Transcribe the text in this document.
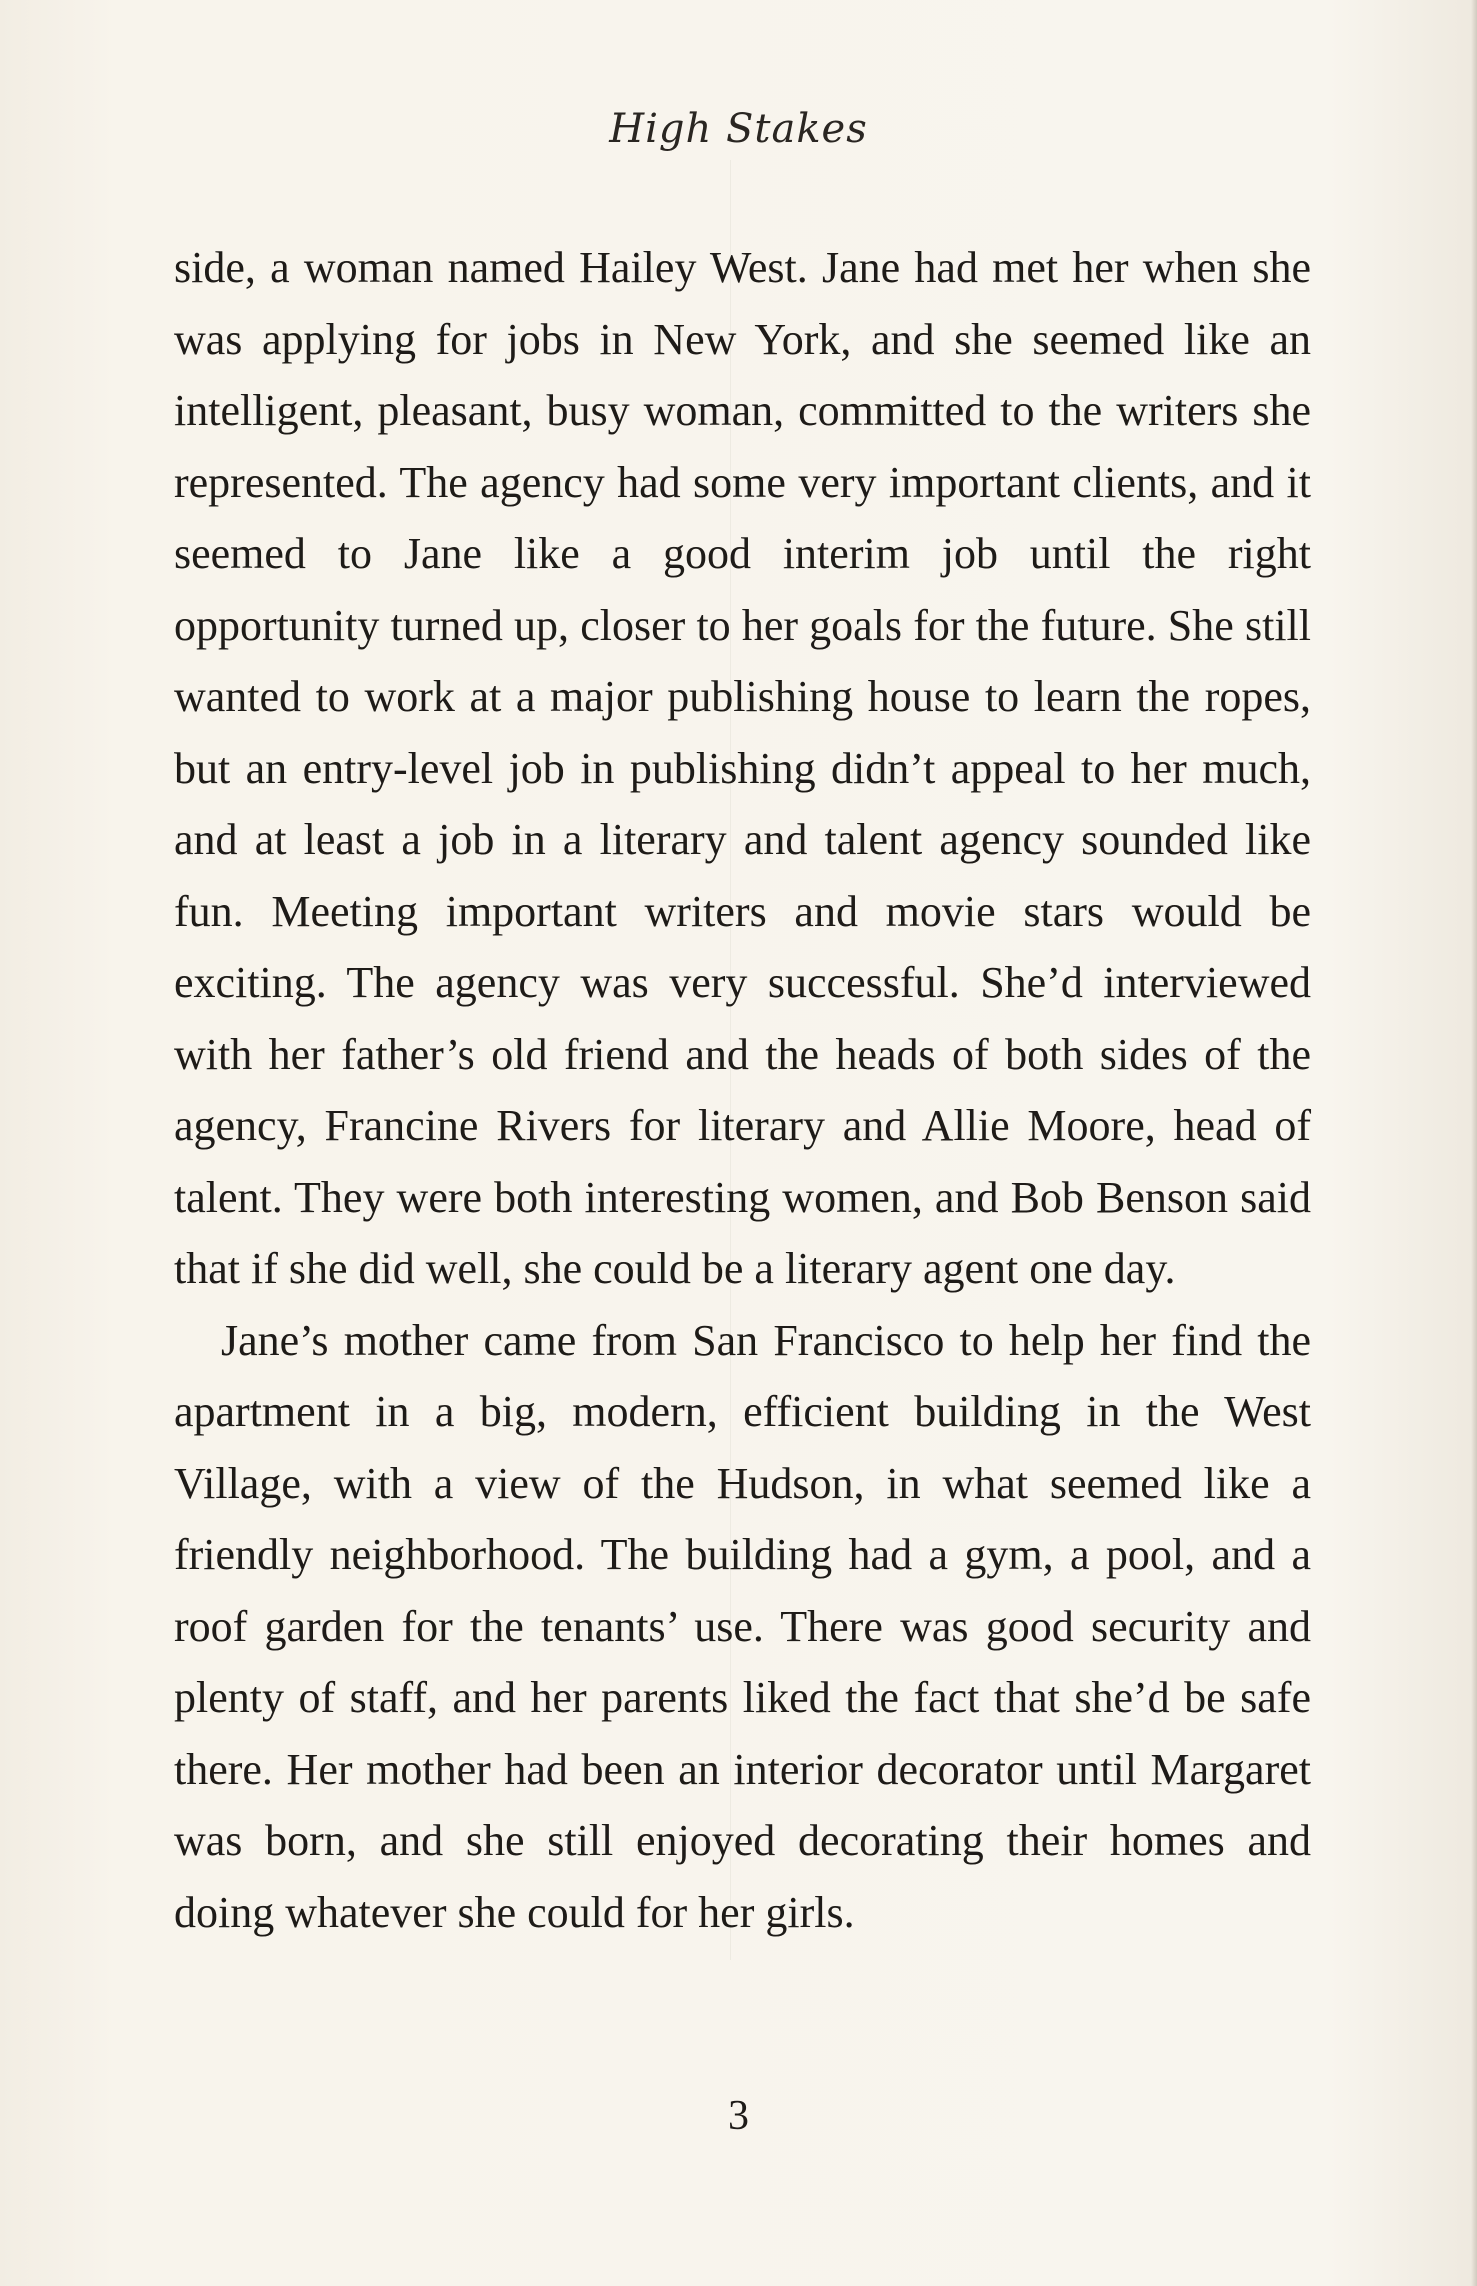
High Stakes

side, a woman named Hailey West. Jane had met her when she was applying for jobs in New York, and she seemed like an intelligent, pleasant, busy woman, committed to the writers she represented. The agency had some very important clients, and it seemed to Jane like a good interim job until the right opportunity turned up, closer to her goals for the future. She still wanted to work at a major publishing house to learn the ropes, but an entry-level job in publishing didn’t appeal to her much, and at least a job in a literary and talent agency sounded like fun. Meeting important writers and movie stars would be exciting. The agency was very successful. She’d interviewed with her father’s old friend and the heads of both sides of the agency, Francine Rivers for literary and Allie Moore, head of talent. They were both interesting women, and Bob Benson said that if she did well, she could be a literary agent one day.

Jane’s mother came from San Francisco to help her find the apartment in a big, modern, efficient building in the West Village, with a view of the Hudson, in what seemed like a friendly neighborhood. The building had a gym, a pool, and a roof garden for the tenants’ use. There was good security and plenty of staff, and her parents liked the fact that she’d be safe there. Her mother had been an interior decorator until Margaret was born, and she still enjoyed decorating their homes and doing whatever she could for her girls.

3
